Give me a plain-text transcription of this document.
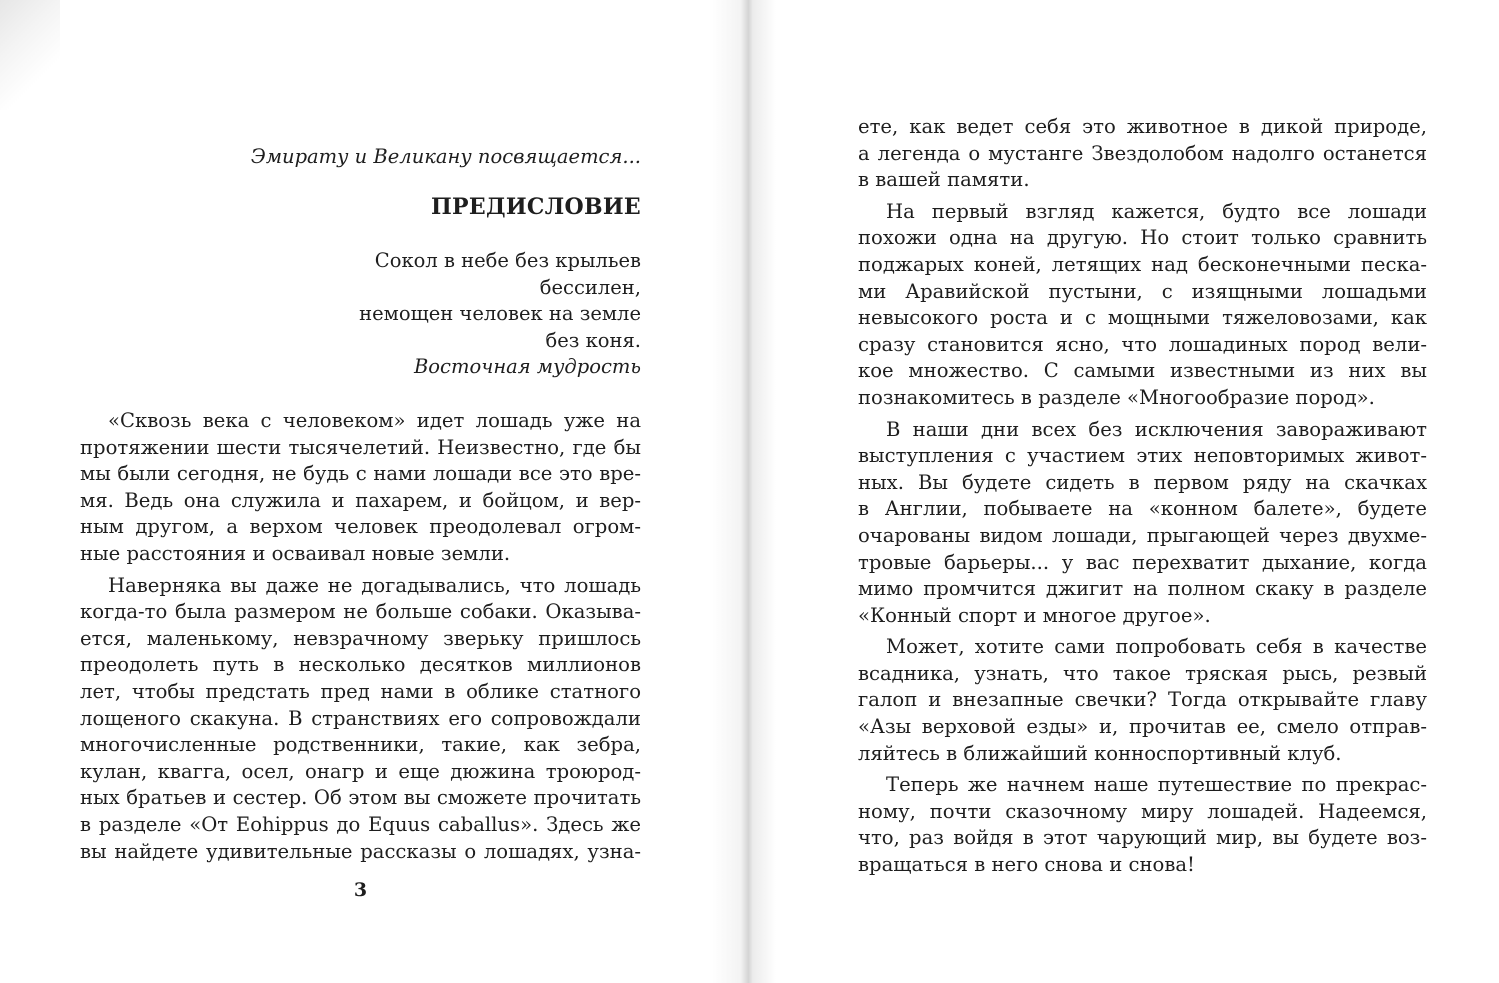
Эмирату и Великану посвящается...

ПРЕДИСЛОВИЕ
Сокол в небе без крыльев
бессилен,
немощен человек на земле
без коня.
Восточная мудрость
«Сквозь века с человеком» идет лошадь уже на
протяжении шести тысячелетий. Неизвестно, где бы
мы были сегодня, не будь с нами лошади все это вре-
мя. Ведь она служила и пахарем, и бойцом, и вер-
ным другом, а верхом человек преодолевал огром-
ные расстояния и осваивал новые земли.
Наверняка вы даже не догадывались, что лошадь
когда-то была размером не больше собаки. Оказыва-
ется, маленькому, невзрачному зверьку пришлось
преодолеть путь в несколько десятков миллионов
лет, чтобы предстать пред нами в облике статного
лощеного скакуна. В странствиях его сопровождали
многочисленные родственники, такие, как зебра,
кулан, квагга, осел, онагр и еще дюжина троюрод-
ных братьев и сестер. Об этом вы сможете прочитать
в разделе «От Eohippus до Equus caballus». Здесь же
вы найдете удивительные рассказы о лошадях, узна-
3
ете, как ведет себя это животное в дикой природе,
а легенда о мустанге Звездолобом надолго останется
в вашей памяти.
На первый взгляд кажется, будто все лошади
похожи одна на другую. Но стоит только сравнить
поджарых коней, летящих над бесконечными песка-
ми Аравийской пустыни, с изящными лошадьми
невысокого роста и с мощными тяжеловозами, как
сразу становится ясно, что лошадиных пород вели-
кое множество. С самыми известными из них вы
познакомитесь в разделе «Многообразие пород».
В наши дни всех без исключения завораживают
выступления с участием этих неповторимых живот-
ных. Вы будете сидеть в первом ряду на скачках
в Англии, побываете на «конном балете», будете
очарованы видом лошади, прыгающей через двухме-
тровые барьеры... у вас перехватит дыхание, когда
мимо промчится джигит на полном скаку в разделе
«Конный спорт и многое другое».
Может, хотите сами попробовать себя в качестве
всадника, узнать, что такое тряская рысь, резвый
галоп и внезапные свечки? Тогда открывайте главу
«Азы верховой езды» и, прочитав ее, смело отправ-
ляйтесь в ближайший конноспортивный клуб.
Теперь же начнем наше путешествие по прекрас-
ному, почти сказочному миру лошадей. Надеемся,
что, раз войдя в этот чарующий мир, вы будете воз-
вращаться в него снова и снова!
